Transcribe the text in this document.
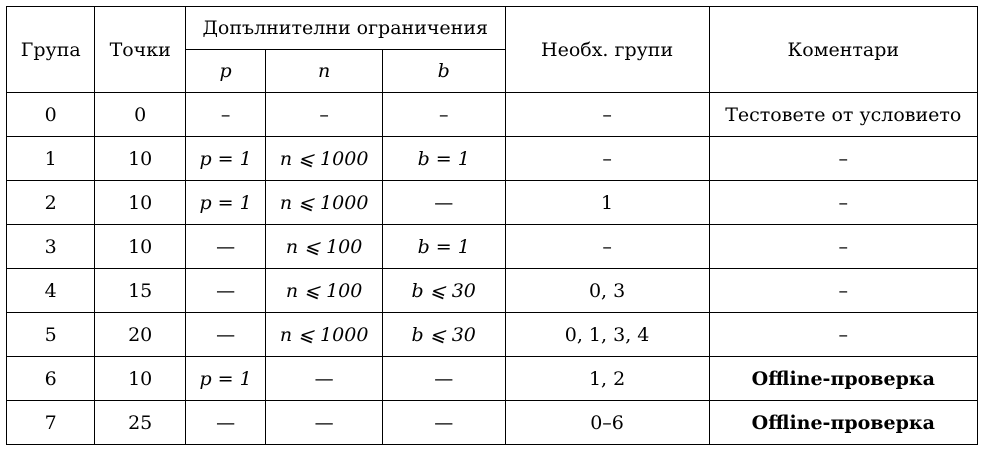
Група	Точки	Допълнителни ограничения			Необх. групи	Коментари
		p	n	b		
0	0	–	–	–	–	Тестовете от условието
1	10	p = 1	n ⩽ 1000	b = 1	–	–
2	10	p = 1	n ⩽ 1000	—	1	–
3	10	—	n ⩽ 100	b = 1	–	–
4	15	—	n ⩽ 100	b ⩽ 30	0, 3	–
5	20	—	n ⩽ 1000	b ⩽ 30	0, 1, 3, 4	–
6	10	p = 1	—	—	1, 2	Offline-проверка
7	25	—	—	—	0–6	Offline-проверка
